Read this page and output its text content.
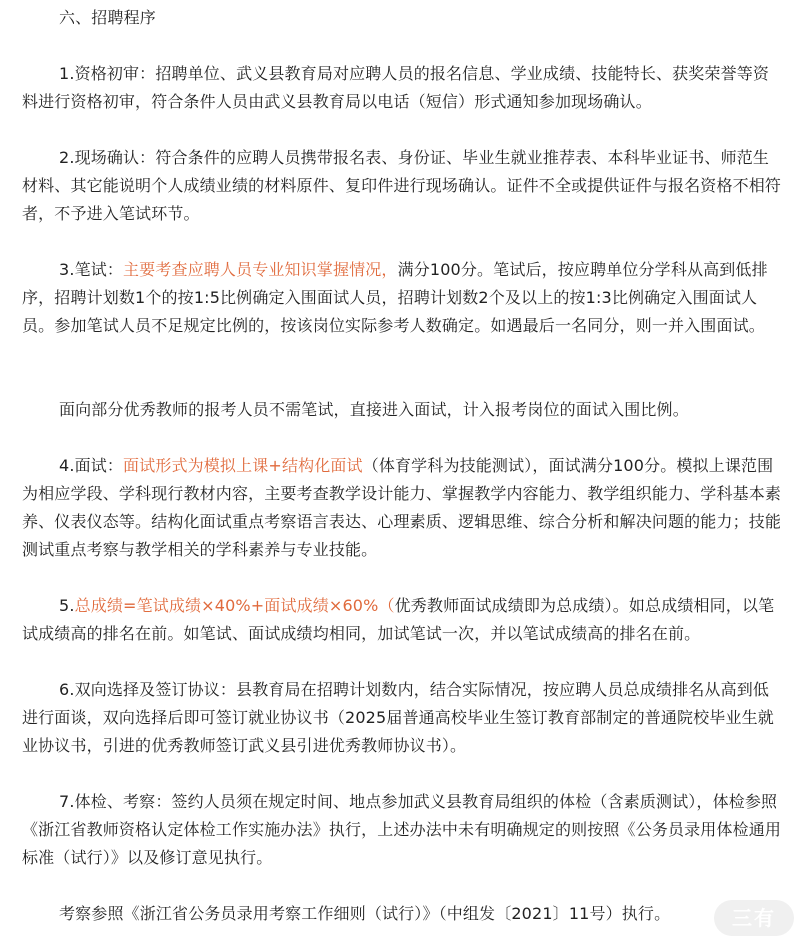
六、招聘程序

1.资格初审：招聘单位、武义县教育局对应聘人员的报名信息、学业成绩、技能特长、获奖荣誉等资料进行资格初审，符合条件人员由武义县教育局以电话（短信）形式通知参加现场确认。

2.现场确认：符合条件的应聘人员携带报名表、身份证、毕业生就业推荐表、本科毕业证书、师范生材料、其它能说明个人成绩业绩的材料原件、复印件进行现场确认。证件不全或提供证件与报名资格不相符者，不予进入笔试环节。

3.笔试：主要考查应聘人员专业知识掌握情况，满分100分。笔试后，按应聘单位分学科从高到低排序，招聘计划数1个的按1:5比例确定入围面试人员，招聘计划数2个及以上的按1:3比例确定入围面试人员。参加笔试人员不足规定比例的，按该岗位实际参考人数确定。如遇最后一名同分，则一并入围面试。

面向部分优秀教师的报考人员不需笔试，直接进入面试，计入报考岗位的面试入围比例。

4.面试：面试形式为模拟上课+结构化面试（体育学科为技能测试），面试满分100分。模拟上课范围为相应学段、学科现行教材内容，主要考查教学设计能力、掌握教学内容能力、教学组织能力、学科基本素养、仪表仪态等。结构化面试重点考察语言表达、心理素质、逻辑思维、综合分析和解决问题的能力；技能测试重点考察与教学相关的学科素养与专业技能。

5.总成绩=笔试成绩×40%+面试成绩×60%（优秀教师面试成绩即为总成绩）。如总成绩相同，以笔试成绩高的排名在前。如笔试、面试成绩均相同，加试笔试一次，并以笔试成绩高的排名在前。

6.双向选择及签订协议：县教育局在招聘计划数内，结合实际情况，按应聘人员总成绩排名从高到低进行面谈，双向选择后即可签订就业协议书（2025届普通高校毕业生签订教育部制定的普通院校毕业生就业协议书，引进的优秀教师签订武义县引进优秀教师协议书）。

7.体检、考察：签约人员须在规定时间、地点参加武义县教育局组织的体检（含素质测试），体检参照《浙江省教师资格认定体检工作实施办法》执行，上述办法中未有明确规定的则按照《公务员录用体检通用标准（试行）》以及修订意见执行。

考察参照《浙江省公务员录用考察工作细则（试行）》（中组发〔2021〕11号）执行。	三有
